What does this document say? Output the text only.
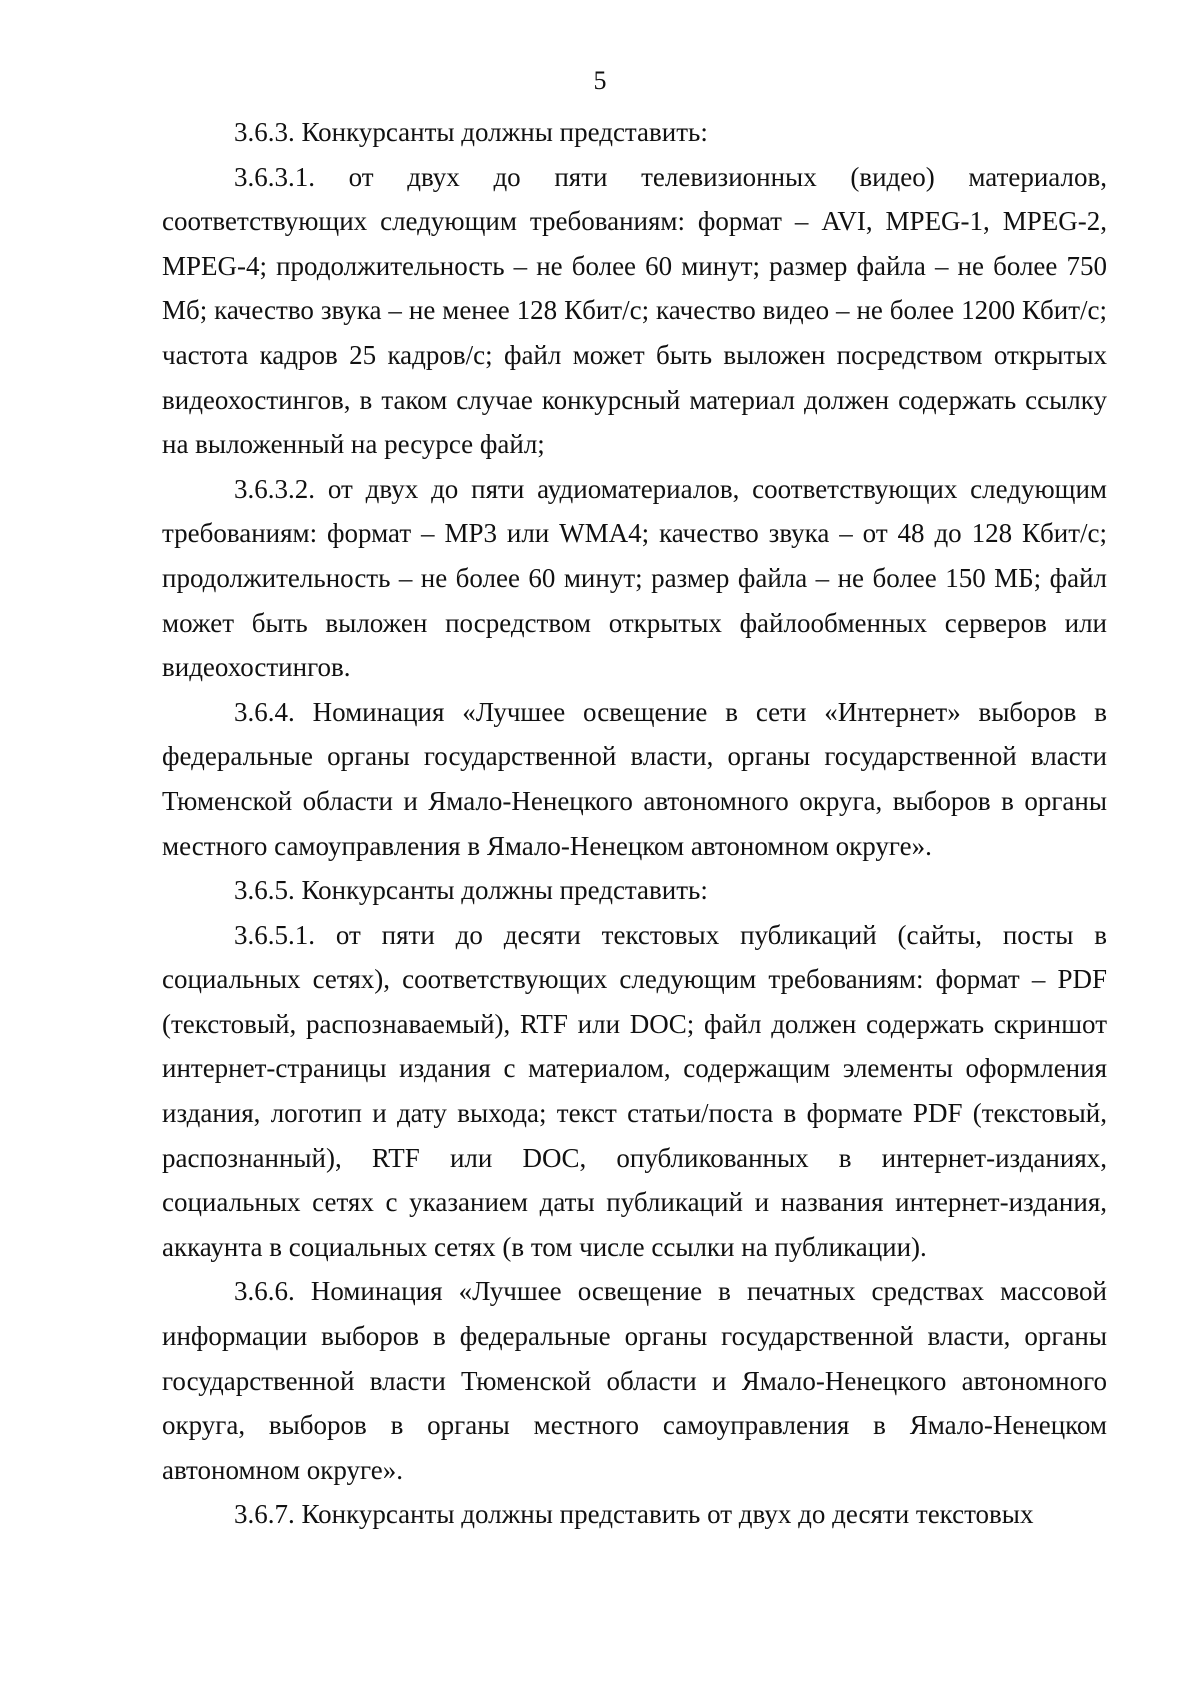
5

3.6.3. Конкурсанты должны представить:

3.6.3.1. от двух до пяти телевизионных (видео) материалов, соответствующих следующим требованиям: формат – AVI, MPEG-1, MPEG-2, MPEG-4; продолжительность – не более 60 минут; размер файла – не более 750 Мб; качество звука – не менее 128 Кбит/с; качество видео – не более 1200 Кбит/с; частота кадров 25 кадров/с; файл может быть выложен посредством открытых видеохостингов, в таком случае конкурсный материал должен содержать ссылку на выложенный на ресурсе файл;

3.6.3.2. от двух до пяти аудиоматериалов, соответствующих следующим требованиям: формат – MP3 или WMA4; качество звука – от 48 до 128 Кбит/с; продолжительность – не более 60 минут; размер файла – не более 150 МБ; файл может быть выложен посредством открытых файлообменных серверов или видеохостингов.

3.6.4. Номинация «Лучшее освещение в сети «Интернет» выборов в федеральные органы государственной власти, органы государственной власти Тюменской области и Ямало-Ненецкого автономного округа, выборов в органы местного самоуправления в Ямало-Ненецком автономном округе».

3.6.5. Конкурсанты должны представить:

3.6.5.1. от пяти до десяти текстовых публикаций (сайты, посты в социальных сетях), соответствующих следующим требованиям: формат – PDF (текстовый, распознаваемый), RTF или DOC; файл должен содержать скриншот интернет-страницы издания с материалом, содержащим элементы оформления издания, логотип и дату выхода; текст статьи/поста в формате PDF (текстовый, распознанный), RTF или DOC, опубликованных в интернет-изданиях, социальных сетях с указанием даты публикаций и названия интернет-издания, аккаунта в социальных сетях (в том числе ссылки на публикации).

3.6.6. Номинация «Лучшее освещение в печатных средствах массовой информации выборов в федеральные органы государственной власти, органы государственной власти Тюменской области и Ямало-Ненецкого автономного округа, выборов в органы местного самоуправления в Ямало-Ненецком автономном округе».

3.6.7. Конкурсанты должны представить от двух до десяти текстовых
